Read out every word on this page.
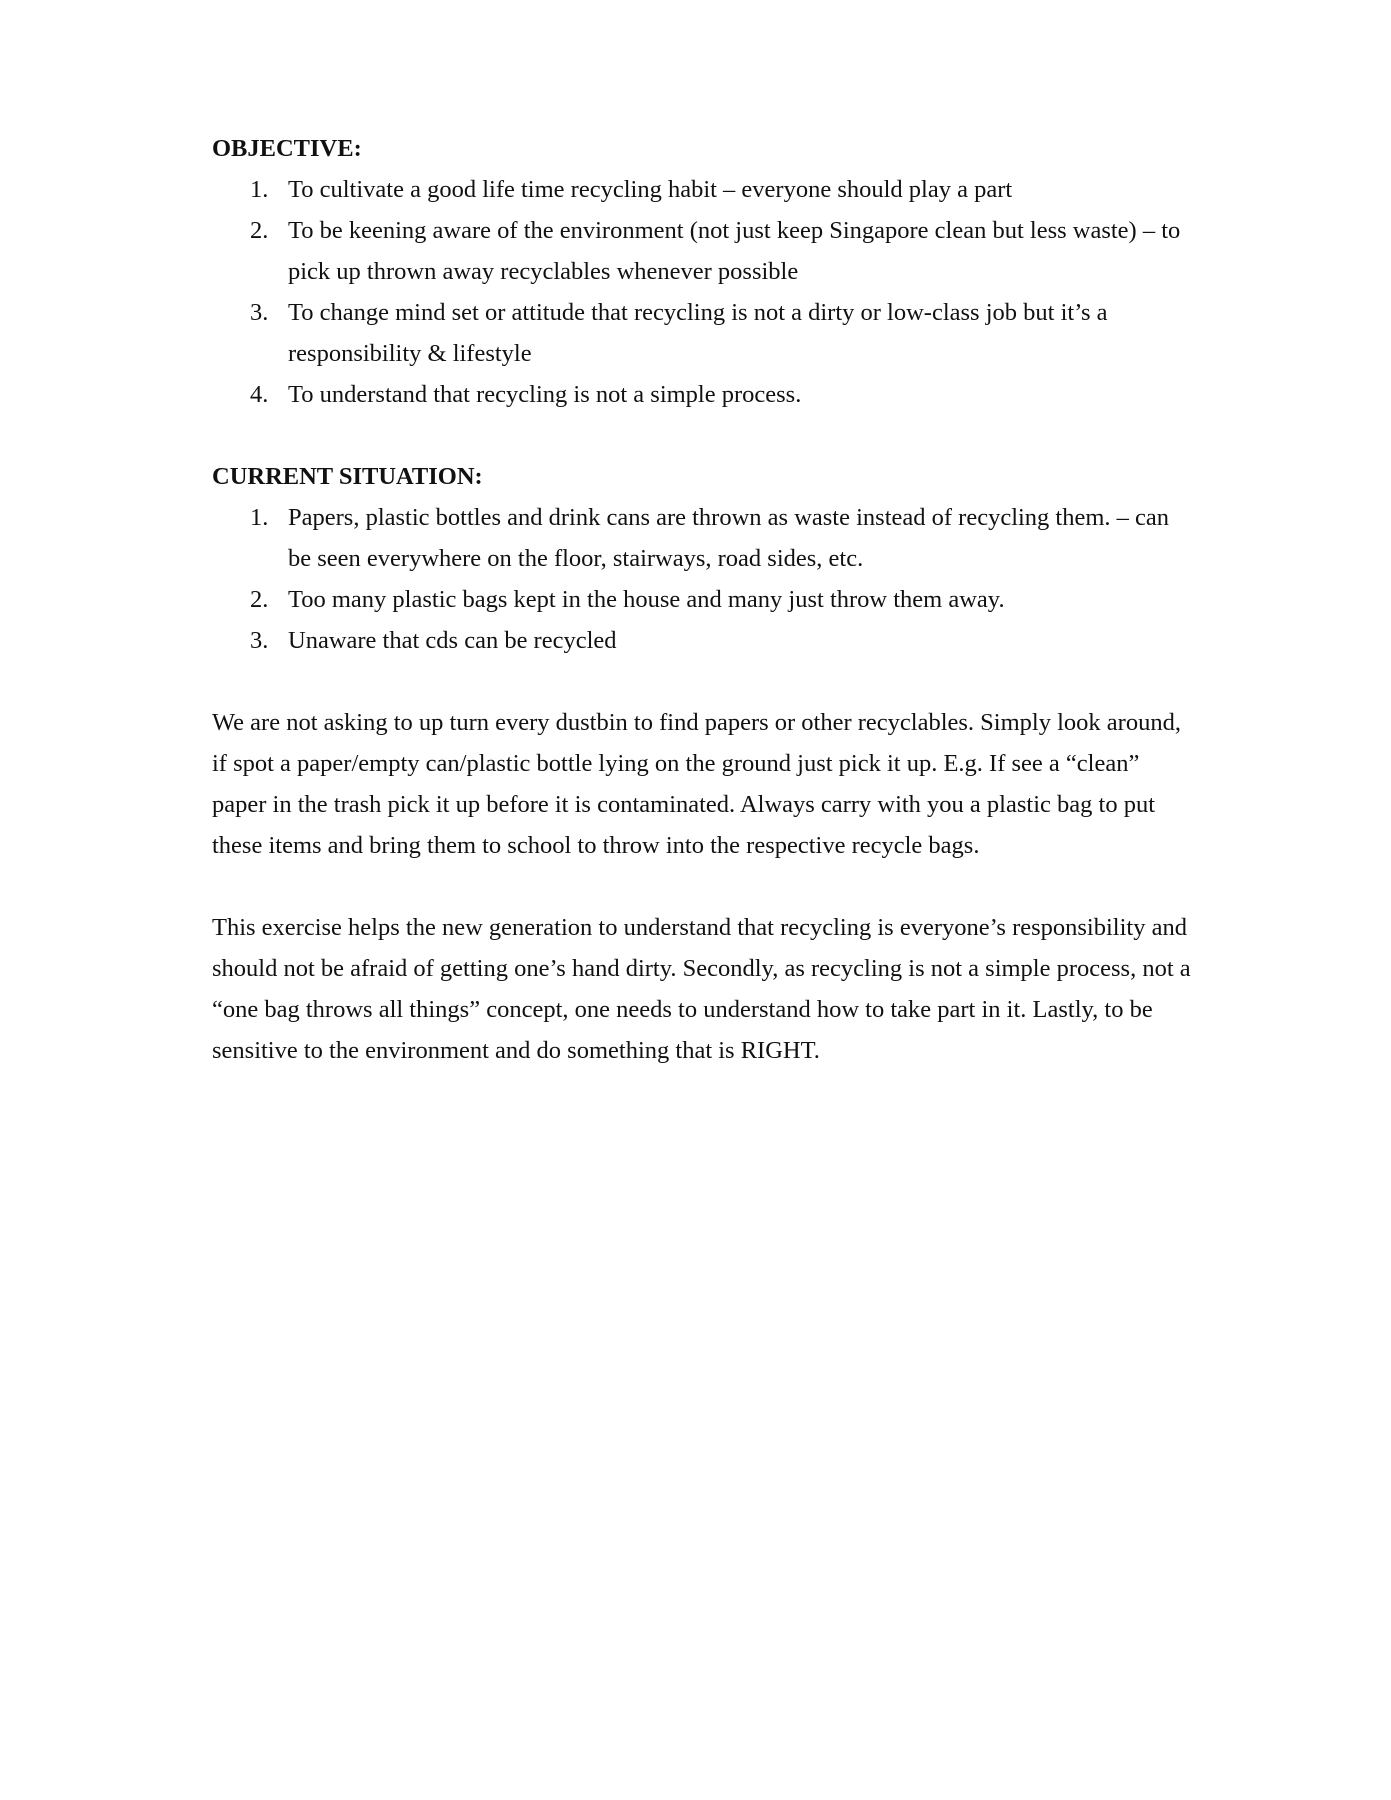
OBJECTIVE:
1. To cultivate a good life time recycling habit – everyone should play a part
2. To be keening aware of the environment (not just keep Singapore clean but less waste) – to pick up thrown away recyclables whenever possible
3. To change mind set or attitude that recycling is not a dirty or low-class job but it’s a responsibility & lifestyle
4. To understand that recycling is not a simple process.
CURRENT SITUATION:
1. Papers, plastic bottles and drink cans are thrown as waste instead of recycling them. – can be seen everywhere on the floor, stairways, road sides, etc.
2. Too many plastic bags kept in the house and many just throw them away.
3. Unaware that cds can be recycled

We are not asking to up turn every dustbin to find papers or other recyclables. Simply look around, if spot a paper/empty can/plastic bottle lying on the ground just pick it up. E.g. If see a “clean” paper in the trash pick it up before it is contaminated. Always carry with you a plastic bag to put these items and bring them to school to throw into the respective recycle bags.

This exercise helps the new generation to understand that recycling is everyone’s responsibility and should not be afraid of getting one’s hand dirty. Secondly, as recycling is not a simple process, not a “one bag throws all things” concept, one needs to understand how to take part in it. Lastly, to be sensitive to the environment and do something that is RIGHT.
